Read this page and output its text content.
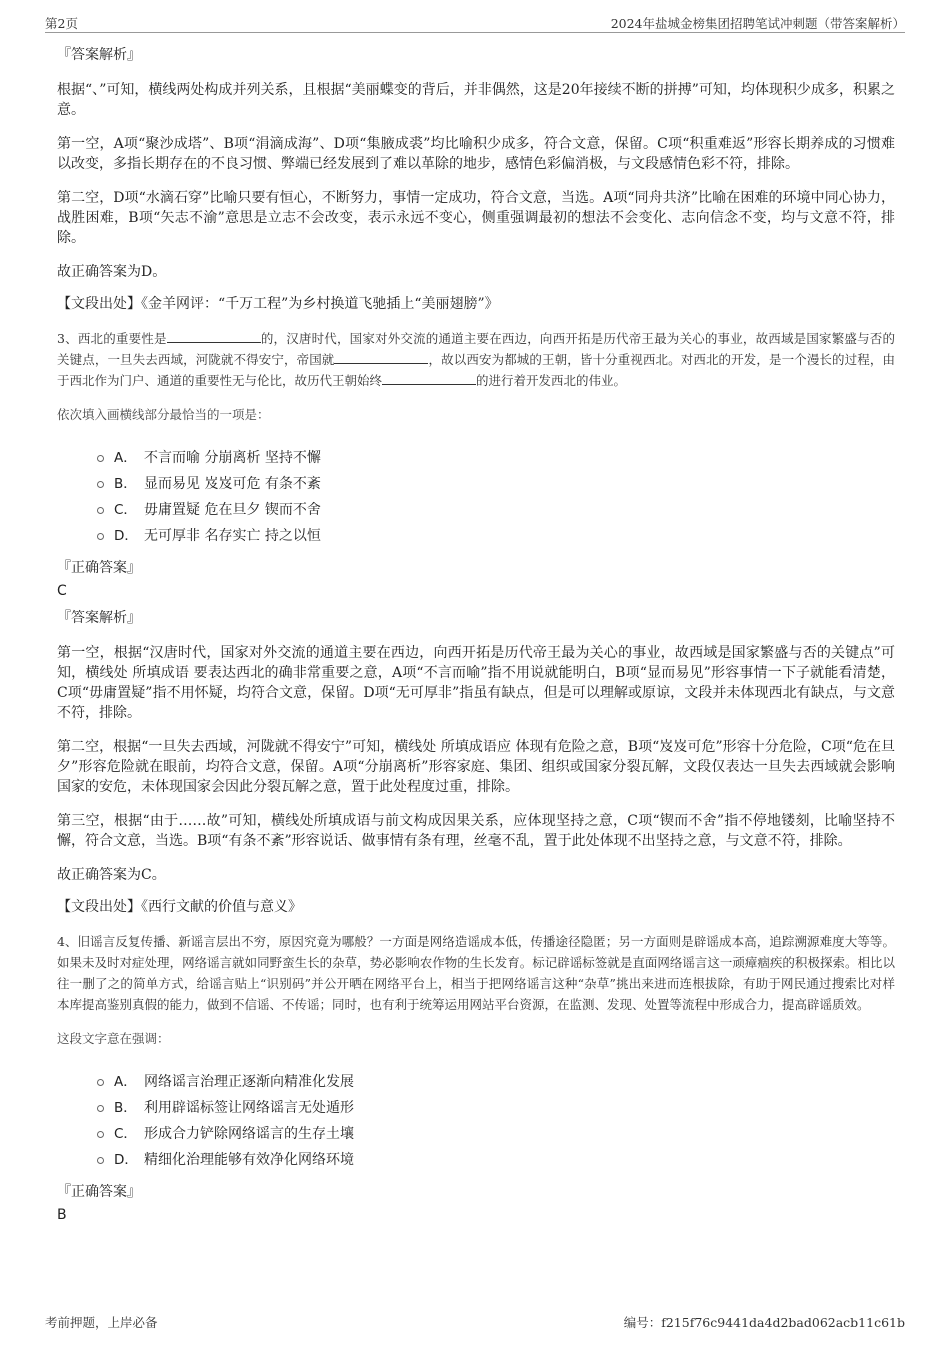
第2页	2024年盐城金榜集团招聘笔试冲刺题（带答案解析）
『答案解析』

根据“、”可知，横线两处构成并列关系，且根据“美丽蝶变的背后，并非偶然，这是20年接续不断的拼搏”可知，均体现积少成多，积累之意。

第一空，A项“聚沙成塔”、B项“涓滴成海”、D项“集腋成裘”均比喻积少成多，符合文意，保留。C项“积重难返”形容长期养成的习惯难以改变，多指长期存在的不良习惯、弊端已经发展到了难以革除的地步，感情色彩偏消极，与文段感情色彩不符，排除。

第二空，D项“水滴石穿”比喻只要有恒心，不断努力，事情一定成功，符合文意，当选。A项“同舟共济”比喻在困难的环境中同心协力，战胜困难，B项“矢志不渝”意思是立志不会改变，表示永远不变心，侧重强调最初的想法不会变化、志向信念不变，均与文意不符，排除。

故正确答案为D。

【文段出处】《金羊网评：“千万工程”为乡村换道飞驰插上“美丽翅膀”》

3、西北的重要性是	的，汉唐时代，国家对外交流的通道主要在西边，向西开拓是历代帝王最为关心的事业，故西域是国家繁盛与否的关键点，一旦失去西域，河陇就不得安宁，帝国就	，故以西安为都城的王朝，皆十分重视西北。对西北的开发，是一个漫长的过程，由于西北作为门户、通道的重要性无与伦比，故历代王朝始终	的进行着开发西北的伟业。
依次填入画横线部分最恰当的一项是：
A． 不言而喻 分崩离析 坚持不懈
B． 显而易见 岌岌可危 有条不紊
C． 毋庸置疑 危在旦夕 锲而不舍
D． 无可厚非 名存实亡 持之以恒
『正确答案』
C
『答案解析』

第一空，根据“汉唐时代，国家对外交流的通道主要在西边，向西开拓是历代帝王最为关心的事业，故西域是国家繁盛与否的关键点”可知，横线处 所填成语 要表达西北的确非常重要之意，A项“不言而喻”指不用说就能明白，B项“显而易见”形容事情一下子就能看清楚，C项“毋庸置疑”指不用怀疑，均符合文意，保留。D项“无可厚非”指虽有缺点，但是可以理解或原谅，文段并未体现西北有缺点，与文意不符，排除。

第二空，根据“一旦失去西域，河陇就不得安宁”可知，横线处 所填成语应 体现有危险之意，B项“岌岌可危”形容十分危险，C项“危在旦夕”形容危险就在眼前，均符合文意，保留。A项“分崩离析”形容家庭、集团、组织或国家分裂瓦解，文段仅表达一旦失去西域就会影响国家的安危，未体现国家会因此分裂瓦解之意，置于此处程度过重，排除。

第三空，根据“由于……故”可知，横线处所填成语与前文构成因果关系，应体现坚持之意，C项“锲而不舍”指不停地镂刻，比喻坚持不懈，符合文意，当选。B项“有条不紊”形容说话、做事情有条有理，丝毫不乱，置于此处体现不出坚持之意，与文意不符，排除。

故正确答案为C。

【文段出处】《西行文献的价值与意义》

4、旧谣言反复传播、新谣言层出不穷，原因究竟为哪般？一方面是网络造谣成本低，传播途径隐匿；另一方面则是辟谣成本高，追踪溯源难度大等等。如果未及时对症处理，网络谣言就如同野蛮生长的杂草，势必影响农作物的生长发育。标记辟谣标签就是直面网络谣言这一顽瘴痼疾的积极探索。相比以往一删了之的简单方式，给谣言贴上“识别码”并公开晒在网络平台上，相当于把网络谣言这种“杂草”挑出来进而连根拔除，有助于网民通过搜索比对样本库提高鉴别真假的能力，做到不信谣、不传谣；同时，也有利于统筹运用网站平台资源，在监测、发现、处置等流程中形成合力，提高辟谣质效。
这段文字意在强调：
A． 网络谣言治理正逐渐向精准化发展
B． 利用辟谣标签让网络谣言无处遁形
C． 形成合力铲除网络谣言的生存土壤
D． 精细化治理能够有效净化网络环境
『正确答案』
B
考前押题，上岸必备	编号：f215f76c9441da4d2bad062acb11c61b
